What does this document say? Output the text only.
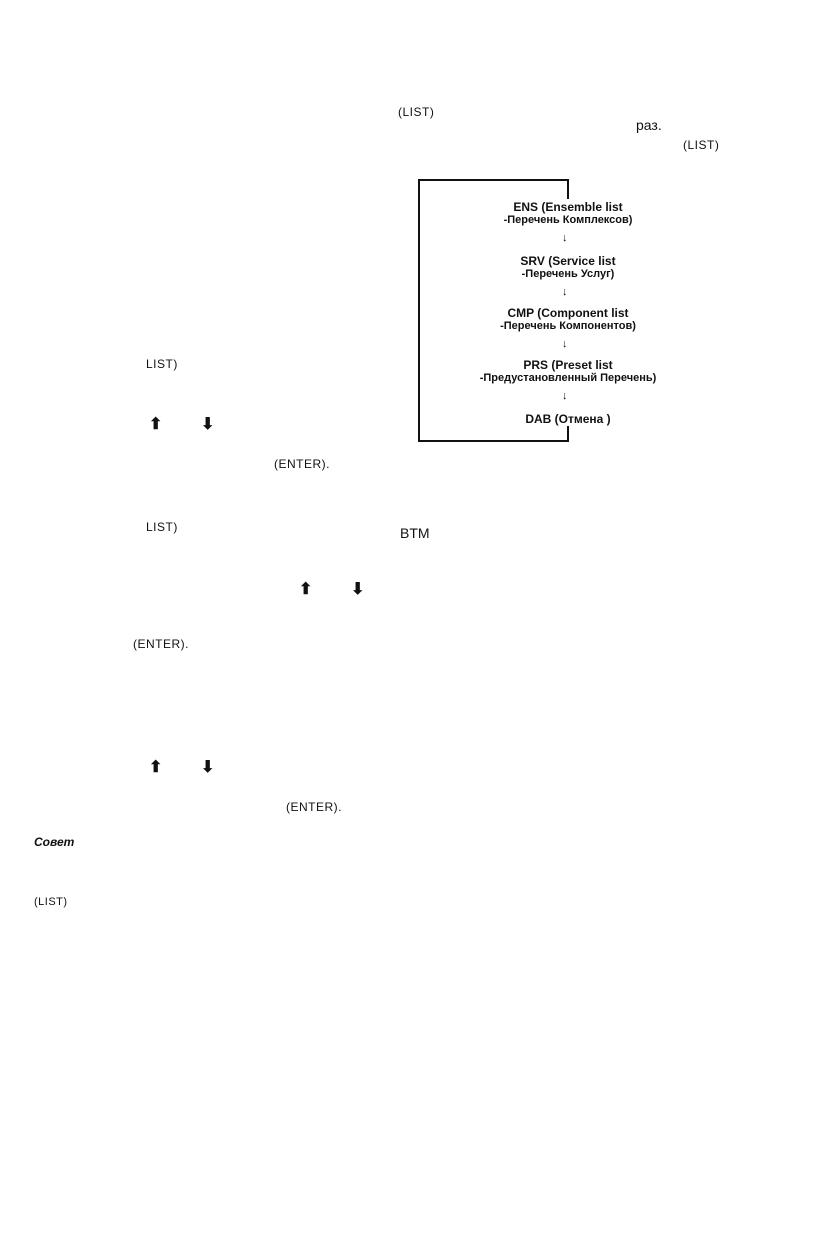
(LIST)
раз.
(LIST)
ENS (Ensemble list
-Перечень Комплексов)
↓
SRV (Service list
-Перечень Услуг)
↓
CMP (Component list
-Перечень Компонентов)
↓
PRS (Preset list
-Предустановленный Перечень)
↓
DAB (Отмена )
LIST)
⬆ ⬇
(ENTER).
LIST)	BTM
⬆ ⬇
(ENTER).
⬆ ⬇
(ENTER).
Совет
(LIST)
